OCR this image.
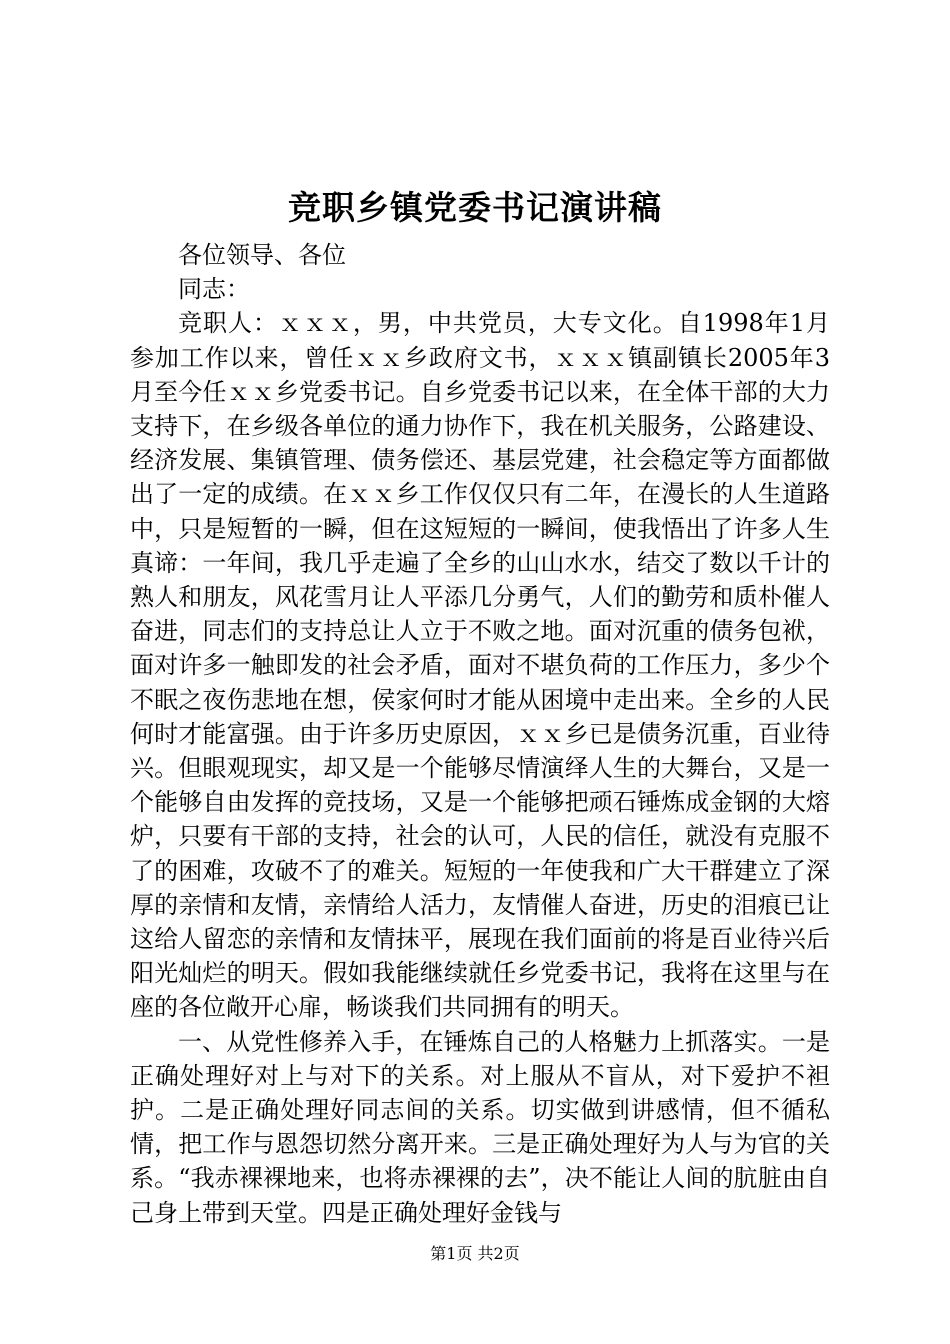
竞职乡镇党委书记演讲稿

各位领导、各位

同志：

竞职人：ｘｘｘ，男，中共党员，大专文化。自1998年1月参加工作以来，曾任ｘｘ乡政府文书，ｘｘｘ镇副镇长2005年3月至今任ｘｘ乡党委书记。自乡党委书记以来，在全体干部的大力支持下，在乡级各单位的通力协作下，我在机关服务，公路建设、经济发展、集镇管理、债务偿还、基层党建，社会稳定等方面都做出了一定的成绩。在ｘｘ乡工作仅仅只有二年，在漫长的人生道路中，只是短暂的一瞬，但在这短短的一瞬间，使我悟出了许多人生真谛：一年间，我几乎走遍了全乡的山山水水，结交了数以千计的熟人和朋友，风花雪月让人平添几分勇气，人们的勤劳和质朴催人奋进，同志们的支持总让人立于不败之地。面对沉重的债务包袱，面对许多一触即发的社会矛盾，面对不堪负荷的工作压力，多少个不眠之夜伤悲地在想，侯家何时才能从困境中走出来。全乡的人民何时才能富强。由于许多历史原因，ｘｘ乡已是债务沉重，百业待兴。但眼观现实，却又是一个能够尽情演绎人生的大舞台，又是一个能够自由发挥的竞技场，又是一个能够把顽石锤炼成金钢的大熔炉，只要有干部的支持，社会的认可，人民的信任，就没有克服不了的困难，攻破不了的难关。短短的一年使我和广大干群建立了深厚的亲情和友情，亲情给人活力，友情催人奋进，历史的泪痕已让这给人留恋的亲情和友情抹平，展现在我们面前的将是百业待兴后阳光灿烂的明天。假如我能继续就任乡党委书记，我将在这里与在座的各位敞开心扉，畅谈我们共同拥有的明天。

一、从党性修养入手，在锤炼自己的人格魅力上抓落实。一是正确处理好对上与对下的关系。对上服从不盲从，对下爱护不袒护。二是正确处理好同志间的关系。切实做到讲感情，但不循私情，把工作与恩怨切然分离开来。三是正确处理好为人与为官的关系。“我赤裸裸地来，也将赤裸裸的去”，决不能让人间的肮脏由自己身上带到天堂。四是正确处理好金钱与

第1页 共2页
